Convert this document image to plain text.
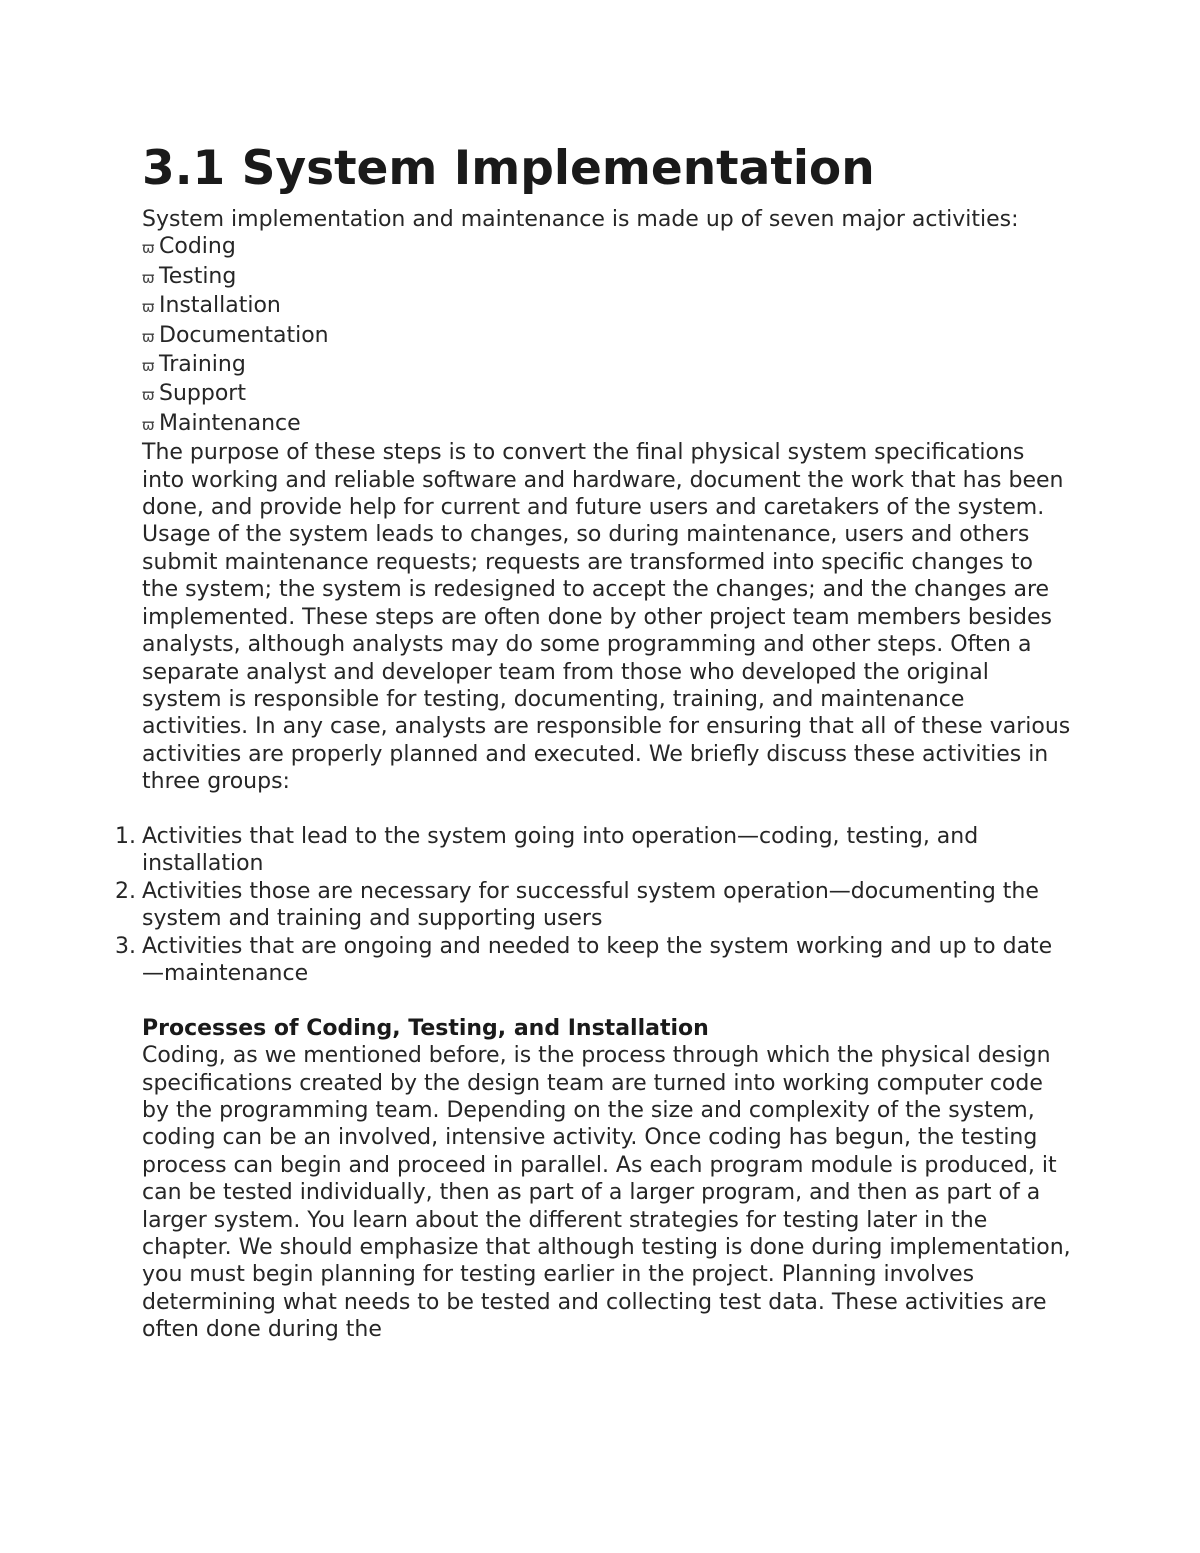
3.1 System Implementation

System implementation and maintenance is made up of seven major activities:

ϖ Coding
ϖ Testing
ϖ Installation
ϖ Documentation
ϖ Training
ϖ Support
ϖ Maintenance

The purpose of these steps is to convert the final physical system specifications into working and reliable software and hardware, document the work that has been done, and provide help for current and future users and caretakers of the system. Usage of the system leads to changes, so during maintenance, users and others submit maintenance requests; requests are transformed into specific changes to the system; the system is redesigned to accept the changes; and the changes are implemented. These steps are often done by other project team members besides analysts, although analysts may do some programming and other steps. Often a separate analyst and developer team from those who developed the original system is responsible for testing, documenting, training, and maintenance activities. In any case, analysts are responsible for ensuring that all of these various activities are properly planned and executed. We briefly discuss these activities in three groups:

1. Activities that lead to the system going into operation—coding, testing, and installation
2. Activities those are necessary for successful system operation—documenting the system and training and supporting users
3. Activities that are ongoing and needed to keep the system working and up to date—maintenance
Processes of Coding, Testing, and Installation

Coding, as we mentioned before, is the process through which the physical design specifications created by the design team are turned into working computer code by the programming team. Depending on the size and complexity of the system, coding can be an involved, intensive activity. Once coding has begun, the testing process can begin and proceed in parallel. As each program module is produced, it can be tested individually, then as part of a larger program, and then as part of a larger system. You learn about the different strategies for testing later in the chapter. We should emphasize that although testing is done during implementation, you must begin planning for testing earlier in the project. Planning involves determining what needs to be tested and collecting test data. These activities are often done during the
